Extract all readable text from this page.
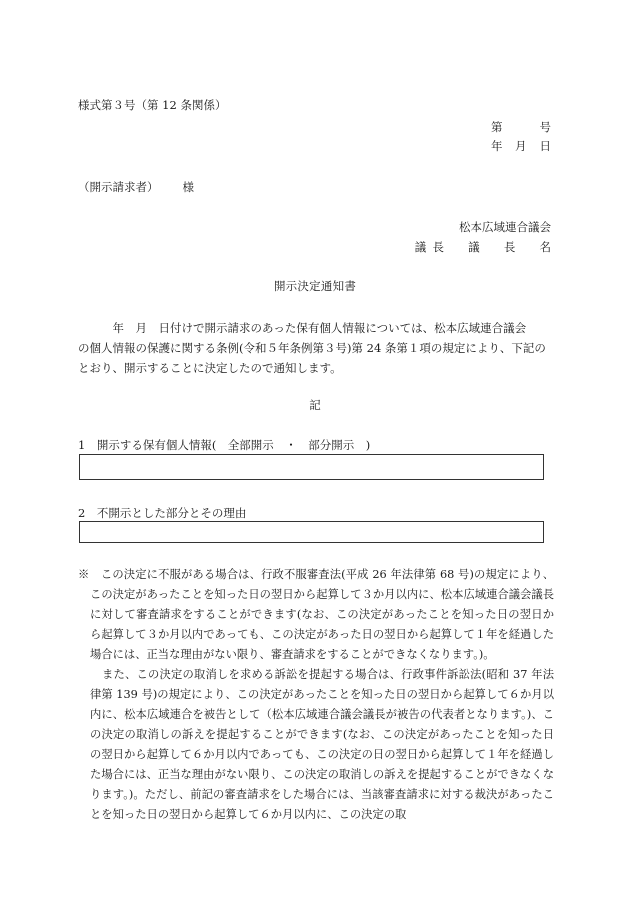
様式第３号（第 12 条関係）
第	号
年 月 日
（開示請求者） 様
松本広域連合議会
議長　議　長　名
開示決定通知書

　　　年　月　日付けで開示請求のあった保有個人情報については、松本広域連合議会

の個人情報の保護に関する条例(令和５年条例第３号)第 24 条第１項の規定により、下記の

とおり、開示することに決定したので通知します。

記
1　開示する保有個人情報(　全部開示　・　部分開示　)
2　不開示とした部分とその理由

※　この決定に不服がある場合は、行政不服審査法(平成 26 年法律第 68 号)の規定により、この決定があったことを知った日の翌日から起算して３か月以内に、松本広域連合議会議長に対して審査請求をすることができます(なお、この決定があったことを知った日の翌日から起算して３か月以内であっても、この決定があった日の翌日から起算して１年を経過した場合には、正当な理由がない限り、審査請求をすることができなくなります。)。

また、この決定の取消しを求める訴訟を提起する場合は、行政事件訴訟法(昭和 37 年法律第 139 号)の規定により、この決定があったことを知った日の翌日から起算して６か月以内に、松本広域連合を被告として（松本広域連合議会議長が被告の代表者となります。)、この決定の取消しの訴えを提起することができます(なお、この決定があったことを知った日の翌日から起算して６か月以内であっても、この決定の日の翌日から起算して１年を経過した場合には、正当な理由がない限り、この決定の取消しの訴えを提起することができなくなります。)。ただし、前記の審査請求をした場合には、当該審査請求に対する裁決があったことを知った日の翌日から起算して６か月以内に、この決定の取
